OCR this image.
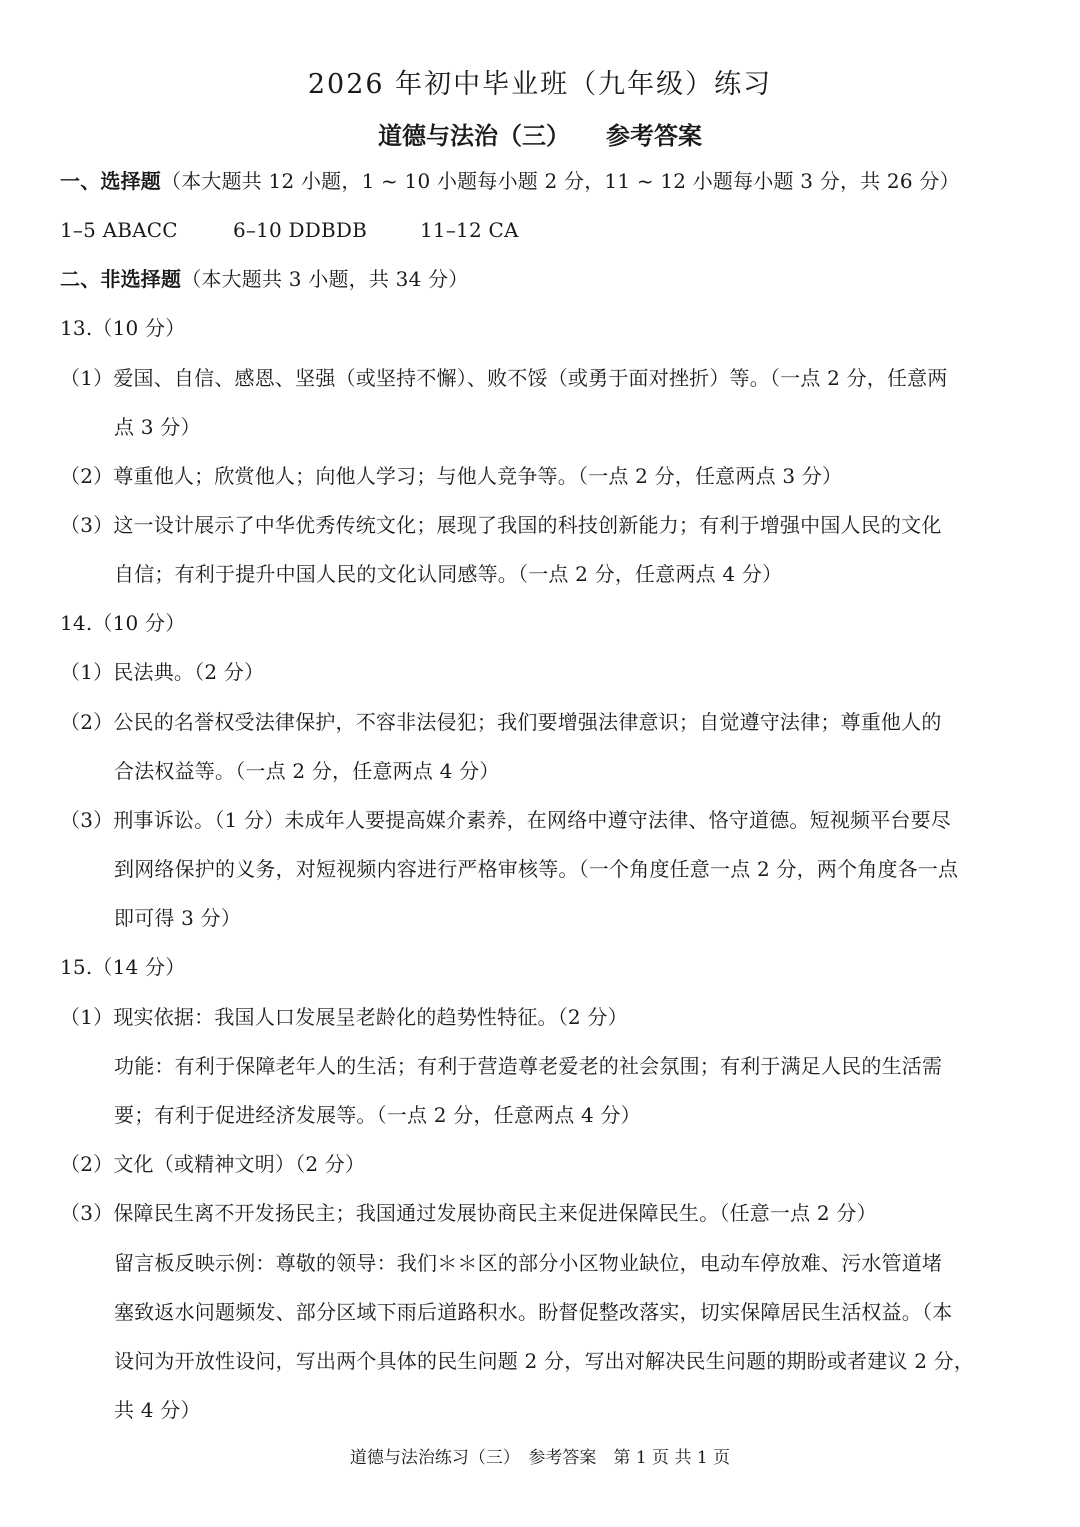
2026 年初中毕业班（九年级）练习
道德与法治（三） 参考答案
一、选择题（本大题共 12 小题，1 ~ 10 小题每小题 2 分，11 ~ 12 小题每小题 3 分，共 26 分）
1–5 ABACC	6–10 DDBDB	11–12 CA
二、非选择题（本大题共 3 小题，共 34 分）
13.（10 分）
（1）爱国、自信、感恩、坚强（或坚持不懈）、败不馁（或勇于面对挫折）等。（一点 2 分，任意两
点 3 分）
（2）尊重他人；欣赏他人；向他人学习；与他人竞争等。（一点 2 分，任意两点 3 分）
（3）这一设计展示了中华优秀传统文化；展现了我国的科技创新能力；有利于增强中国人民的文化
自信；有利于提升中国人民的文化认同感等。（一点 2 分，任意两点 4 分）
14.（10 分）
（1）民法典。（2 分）
（2）公民的名誉权受法律保护，不容非法侵犯；我们要增强法律意识；自觉遵守法律；尊重他人的
合法权益等。（一点 2 分，任意两点 4 分）
（3）刑事诉讼。（1 分）未成年人要提高媒介素养，在网络中遵守法律、恪守道德。短视频平台要尽
到网络保护的义务，对短视频内容进行严格审核等。（一个角度任意一点 2 分，两个角度各一点
即可得 3 分）
15.（14 分）
（1）现实依据：我国人口发展呈老龄化的趋势性特征。（2 分）
功能：有利于保障老年人的生活；有利于营造尊老爱老的社会氛围；有利于满足人民的生活需
要；有利于促进经济发展等。（一点 2 分，任意两点 4 分）
（2）文化（或精神文明）（2 分）
（3）保障民生离不开发扬民主；我国通过发展协商民主来促进保障民生。（任意一点 2 分）
留言板反映示例：尊敬的领导：我们＊＊区的部分小区物业缺位，电动车停放难、污水管道堵
塞致返水问题频发、部分区域下雨后道路积水。盼督促整改落实，切实保障居民生活权益。（本
设问为开放性设问，写出两个具体的民生问题 2 分，写出对解决民生问题的期盼或者建议 2 分，
共 4 分）
道德与法治练习（三）　参考答案　第 1 页 共 1 页
